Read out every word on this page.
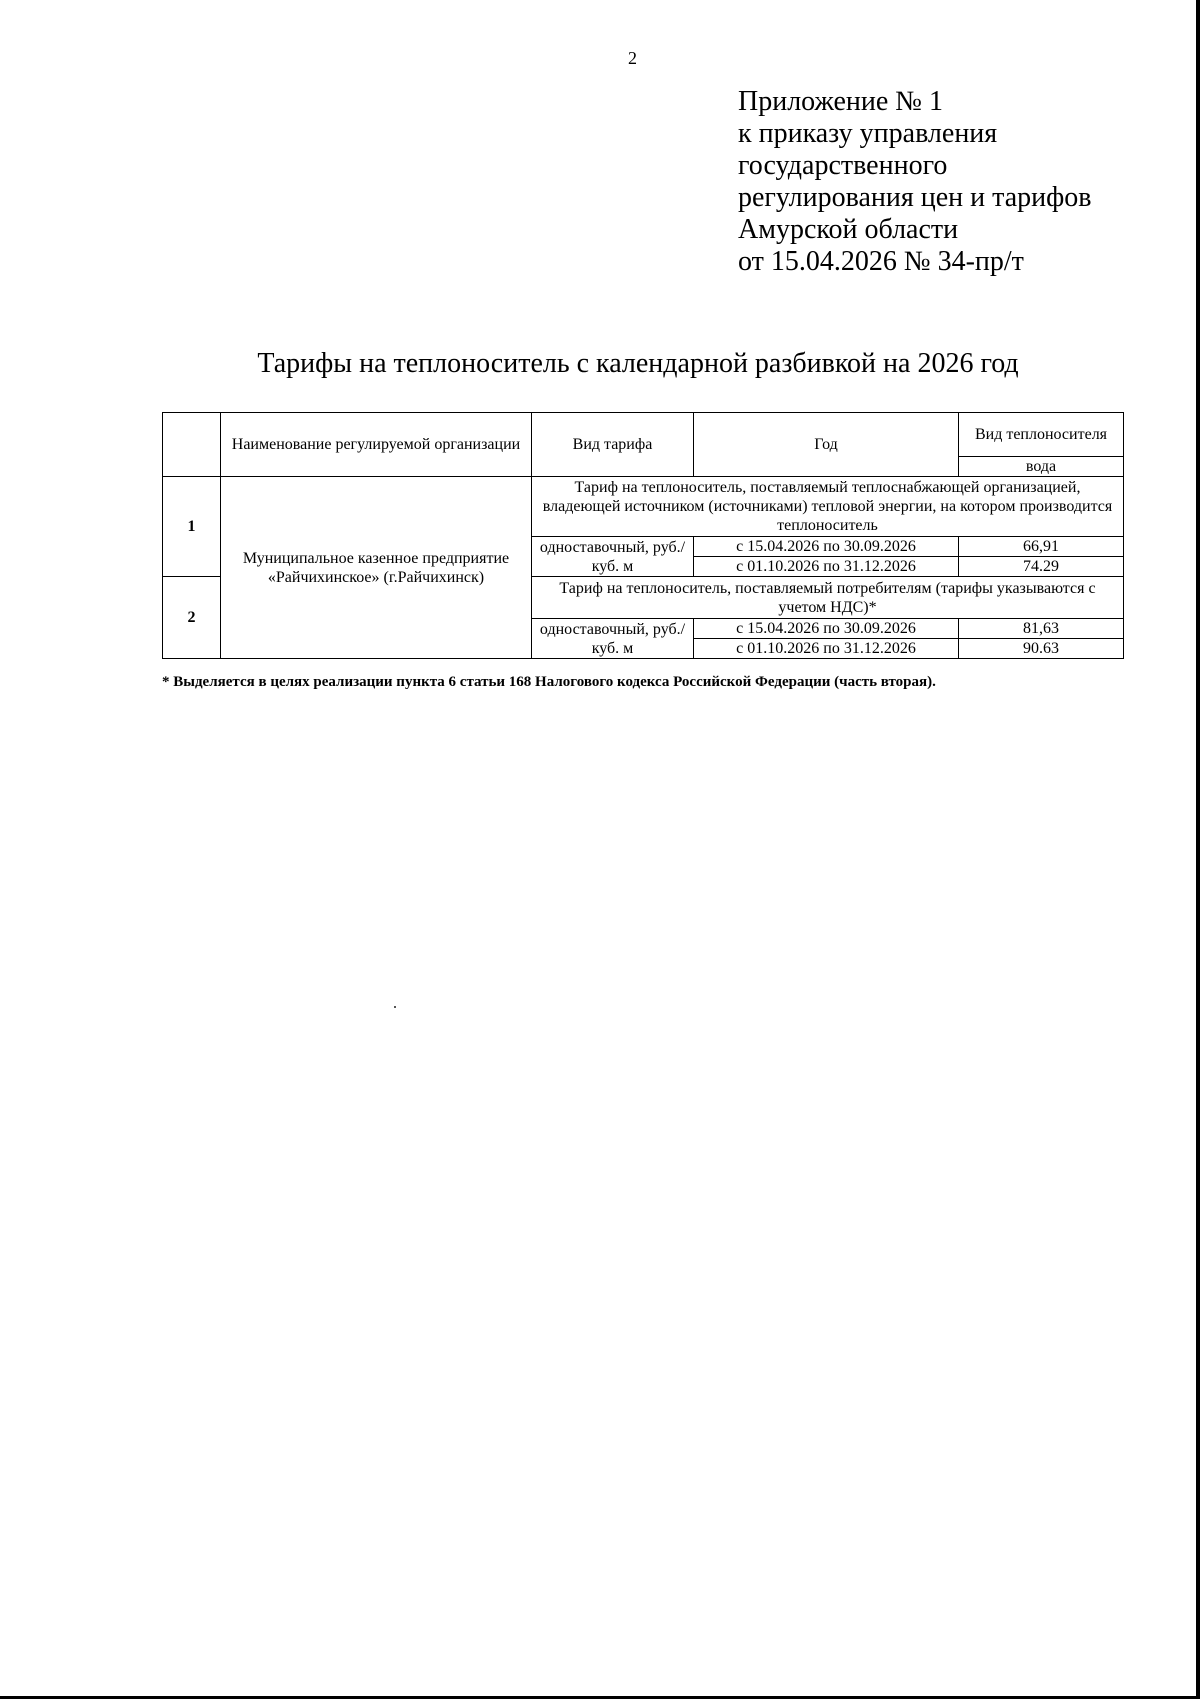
2
Приложение № 1
к приказу управления
государственного
регулирования цен и тарифов
Амурской области
от 15.04.2026 № 34-пр/т
Тарифы на теплоноситель с календарной разбивкой на 2026 год
	Наименование регулируемой организации	Вид тарифа	Год	Вид теплоносителя
				вода
1	Муниципальное казенное предприятие «Райчихинское» (г.Райчихинск)	Тариф на теплоноситель, поставляемый теплоснабжающей организацией, владеющей источником (источниками) тепловой энергии, на котором производится теплоноситель		
		одноставочный, руб./куб. м	с 15.04.2026 по 30.09.2026	66,91
			с 01.10.2026 по 31.12.2026	74.29
2		Тариф на теплоноситель, поставляемый потребителям (тарифы указываются с учетом НДС)*		
		одноставочный, руб./куб. м	с 15.04.2026 по 30.09.2026	81,63
			с 01.10.2026 по 31.12.2026	90.63
* Выделяется в целях реализации пункта 6 статьи 168 Налогового кодекса Российской Федерации (часть вторая).
